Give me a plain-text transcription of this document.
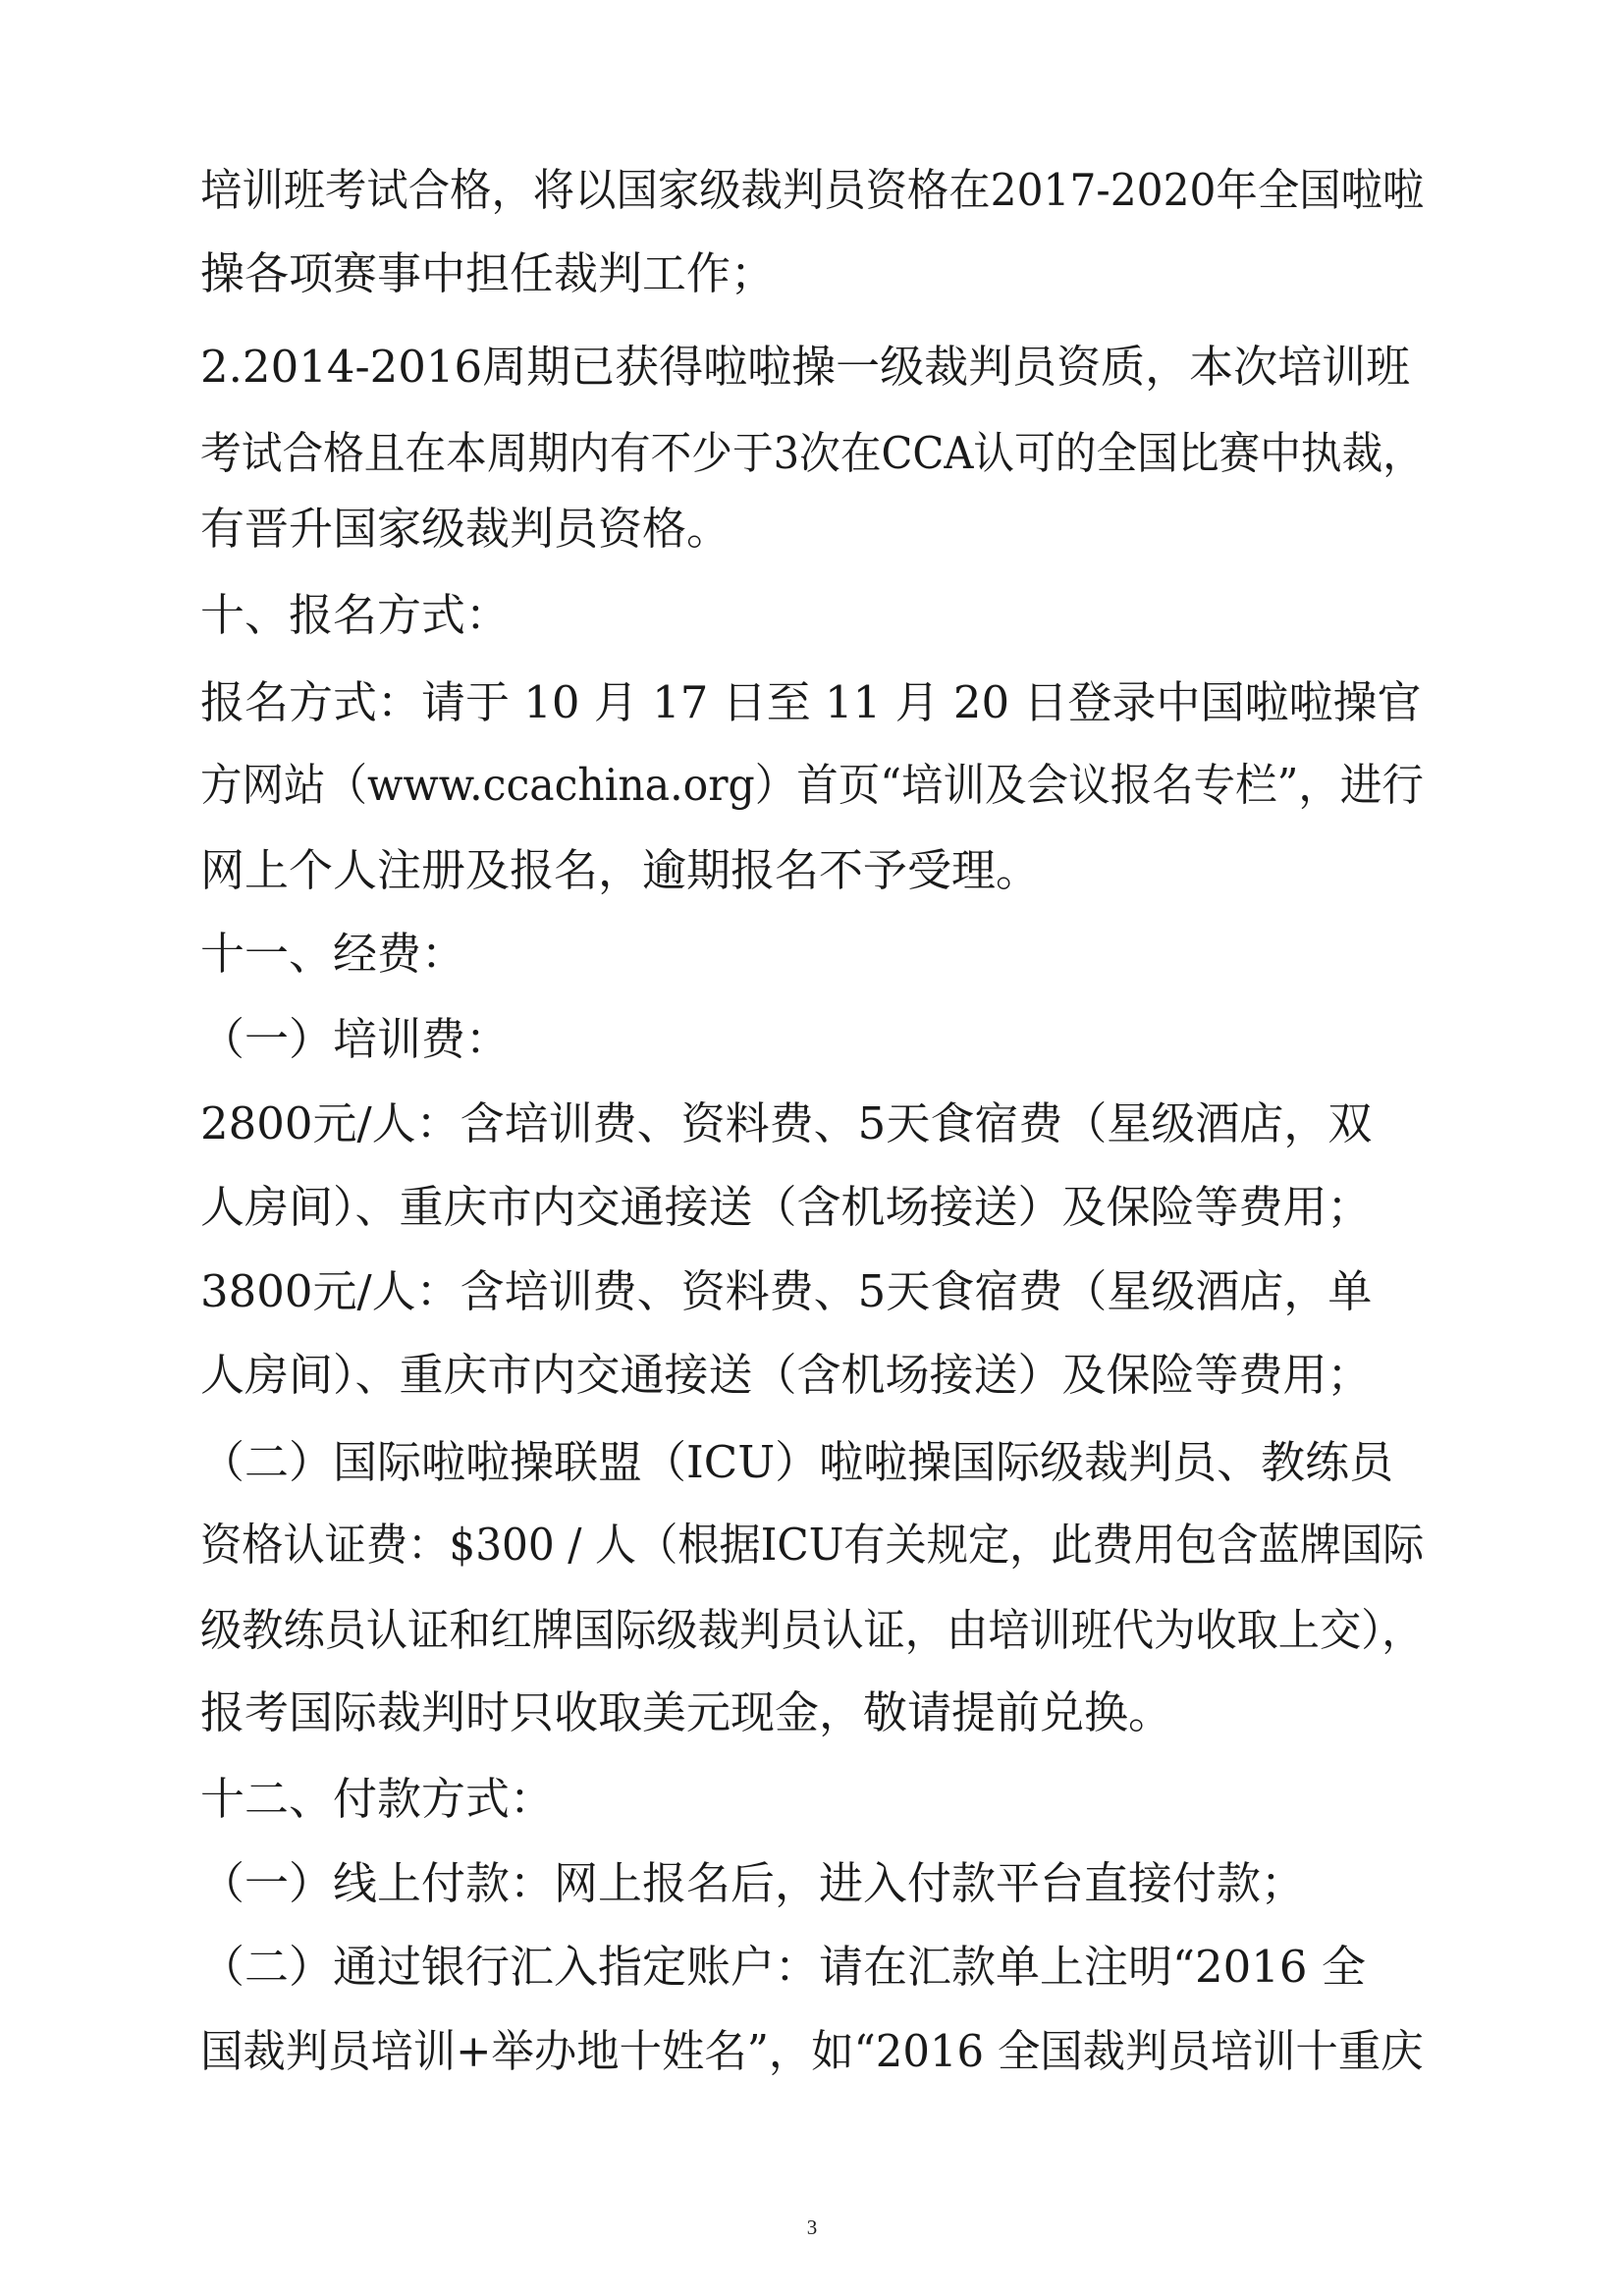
培训班考试合格，将以国家级裁判员资格在2017-2020年全国啦啦

操各项赛事中担任裁判工作；

2.2014-2016周期已获得啦啦操一级裁判员资质，本次培训班

考试合格且在本周期内有不少于3次在CCA认可的全国比赛中执裁，

有晋升国家级裁判员资格。

十、报名方式：

报名方式：请于 10 月 17 日至 11 月 20 日登录中国啦啦操官

方网站（www.ccachina.org）首页“培训及会议报名专栏”，进行

网上个人注册及报名，逾期报名不予受理。

十一、经费：

（一）培训费：

2800元/人：含培训费、资料费、5天食宿费（星级酒店，双

人房间）、重庆市内交通接送（含机场接送）及保险等费用；

3800元/人：含培训费、资料费、5天食宿费（星级酒店，单

人房间）、重庆市内交通接送（含机场接送）及保险等费用；

（二）国际啦啦操联盟（ICU）啦啦操国际级裁判员、教练员

资格认证费：$300 / 人（根据ICU有关规定，此费用包含蓝牌国际

级教练员认证和红牌国际级裁判员认证，由培训班代为收取上交），

报考国际裁判时只收取美元现金，敬请提前兑换。

十二、付款方式：

（一）线上付款：网上报名后，进入付款平台直接付款；

（二）通过银行汇入指定账户：请在汇款单上注明“2016 全

国裁判员培训+举办地十姓名”，如“2016 全国裁判员培训十重庆

3
